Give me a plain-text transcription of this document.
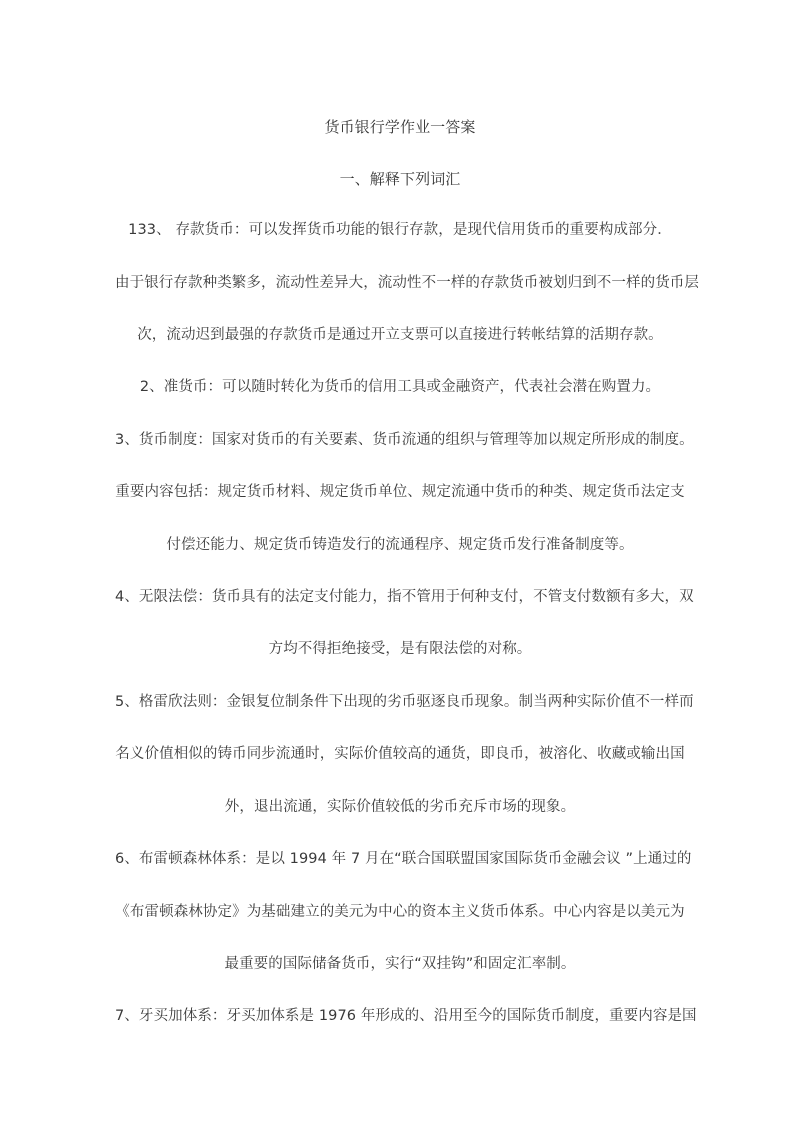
货币银行学作业一答案
一、解释下列词汇
133、 存款货币：可以发挥货币功能的银行存款，是现代信用货币的重要构成部分．
由于银行存款种类繁多，流动性差异大，流动性不一样的存款货币被划归到不一样的货币层
次，流动迟到最强的存款货币是通过开立支票可以直接进行转帐结算的活期存款。
2、准货币：可以随时转化为货币的信用工具或金融资产，代表社会潜在购置力。
3、货币制度：国家对货币的有关要素、货币流通的组织与管理等加以规定所形成的制度。
重要内容包括：规定货币材料、规定货币单位、规定流通中货币的种类、规定货币法定支
付偿还能力、规定货币铸造发行的流通程序、规定货币发行准备制度等。
4、无限法偿：货币具有的法定支付能力，指不管用于何种支付，不管支付数额有多大，双
方均不得拒绝接受，是有限法偿的对称。
5、格雷欣法则：金银复位制条件下出现的劣币驱逐良币现象。制当两种实际价值不一样而
名义价值相似的铸币同步流通时，实际价值较高的通货，即良币，被溶化、收藏或输出国
外，退出流通，实际价值较低的劣币充斥市场的现象。
6、布雷顿森林体系：是以 1994 年 7 月在“联合国联盟国家国际货币金融会议 ”上通过的
《布雷顿森林协定》为基础建立的美元为中心的资本主义货币体系。中心内容是以美元为
最重要的国际储备货币，实行“双挂钩”和固定汇率制。
7、牙买加体系：牙买加体系是 1976 年形成的、沿用至今的国际货币制度，重要内容是国
